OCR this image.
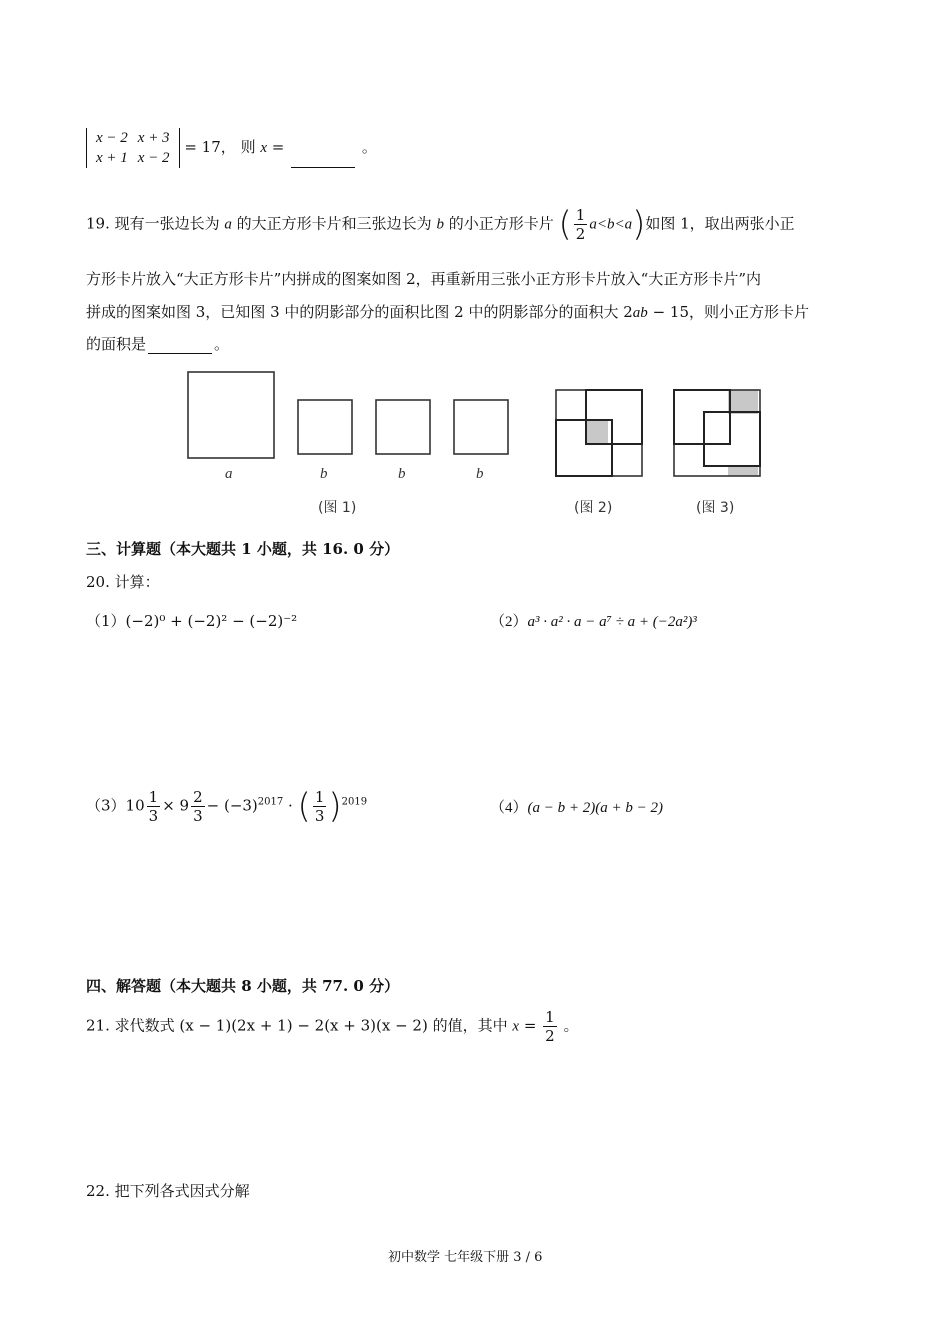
x − 2	x + 3
x + 1	x − 2
= 17， 则 x =	。
19. 现有一张边长为 a 的大正方形卡片和三张边长为 b 的小正方形卡片 ( $\frac{1}{2} a<b<a$)如图 1，取出两张小正
方形卡片放入“大正方形卡片”内拼成的图案如图 2，再重新用三张小正方形卡片放入“大正方形卡片”内
拼成的图案如图 3，已知图 3 中的阴影部分的面积比图 2 中的阴影部分的面积大 2ab − 15，则小正方形卡片
的面积是	。
a	b	b	b
(图 1)	(图 2)	(图 3)
三、计算题（本大题共 1 小题，共 16. 0 分）
20. 计算：
（1）(−2)⁰ + (−2)² − (−2)⁻²	（2）a³ · a² · a − a⁷ ÷ a + (−2a²)³
$(3)10 \frac{1}{3} \times 9 \frac{2}{3} - (-3)^{2017}$ · ( $\frac{1}{3} )^{2019}$	（4）(a − b + 2)(a + b − 2)
四、解答题（本大题共 8 小题，共 77. 0 分）
21. 求代数式 (x − 1)(2x + 1) − 2(x + 3)(x − 2) 的值，其中 $x = \frac{1}{2}$ 。
22. 把下列各式因式分解
初中数学 七年级下册 3 / 6
